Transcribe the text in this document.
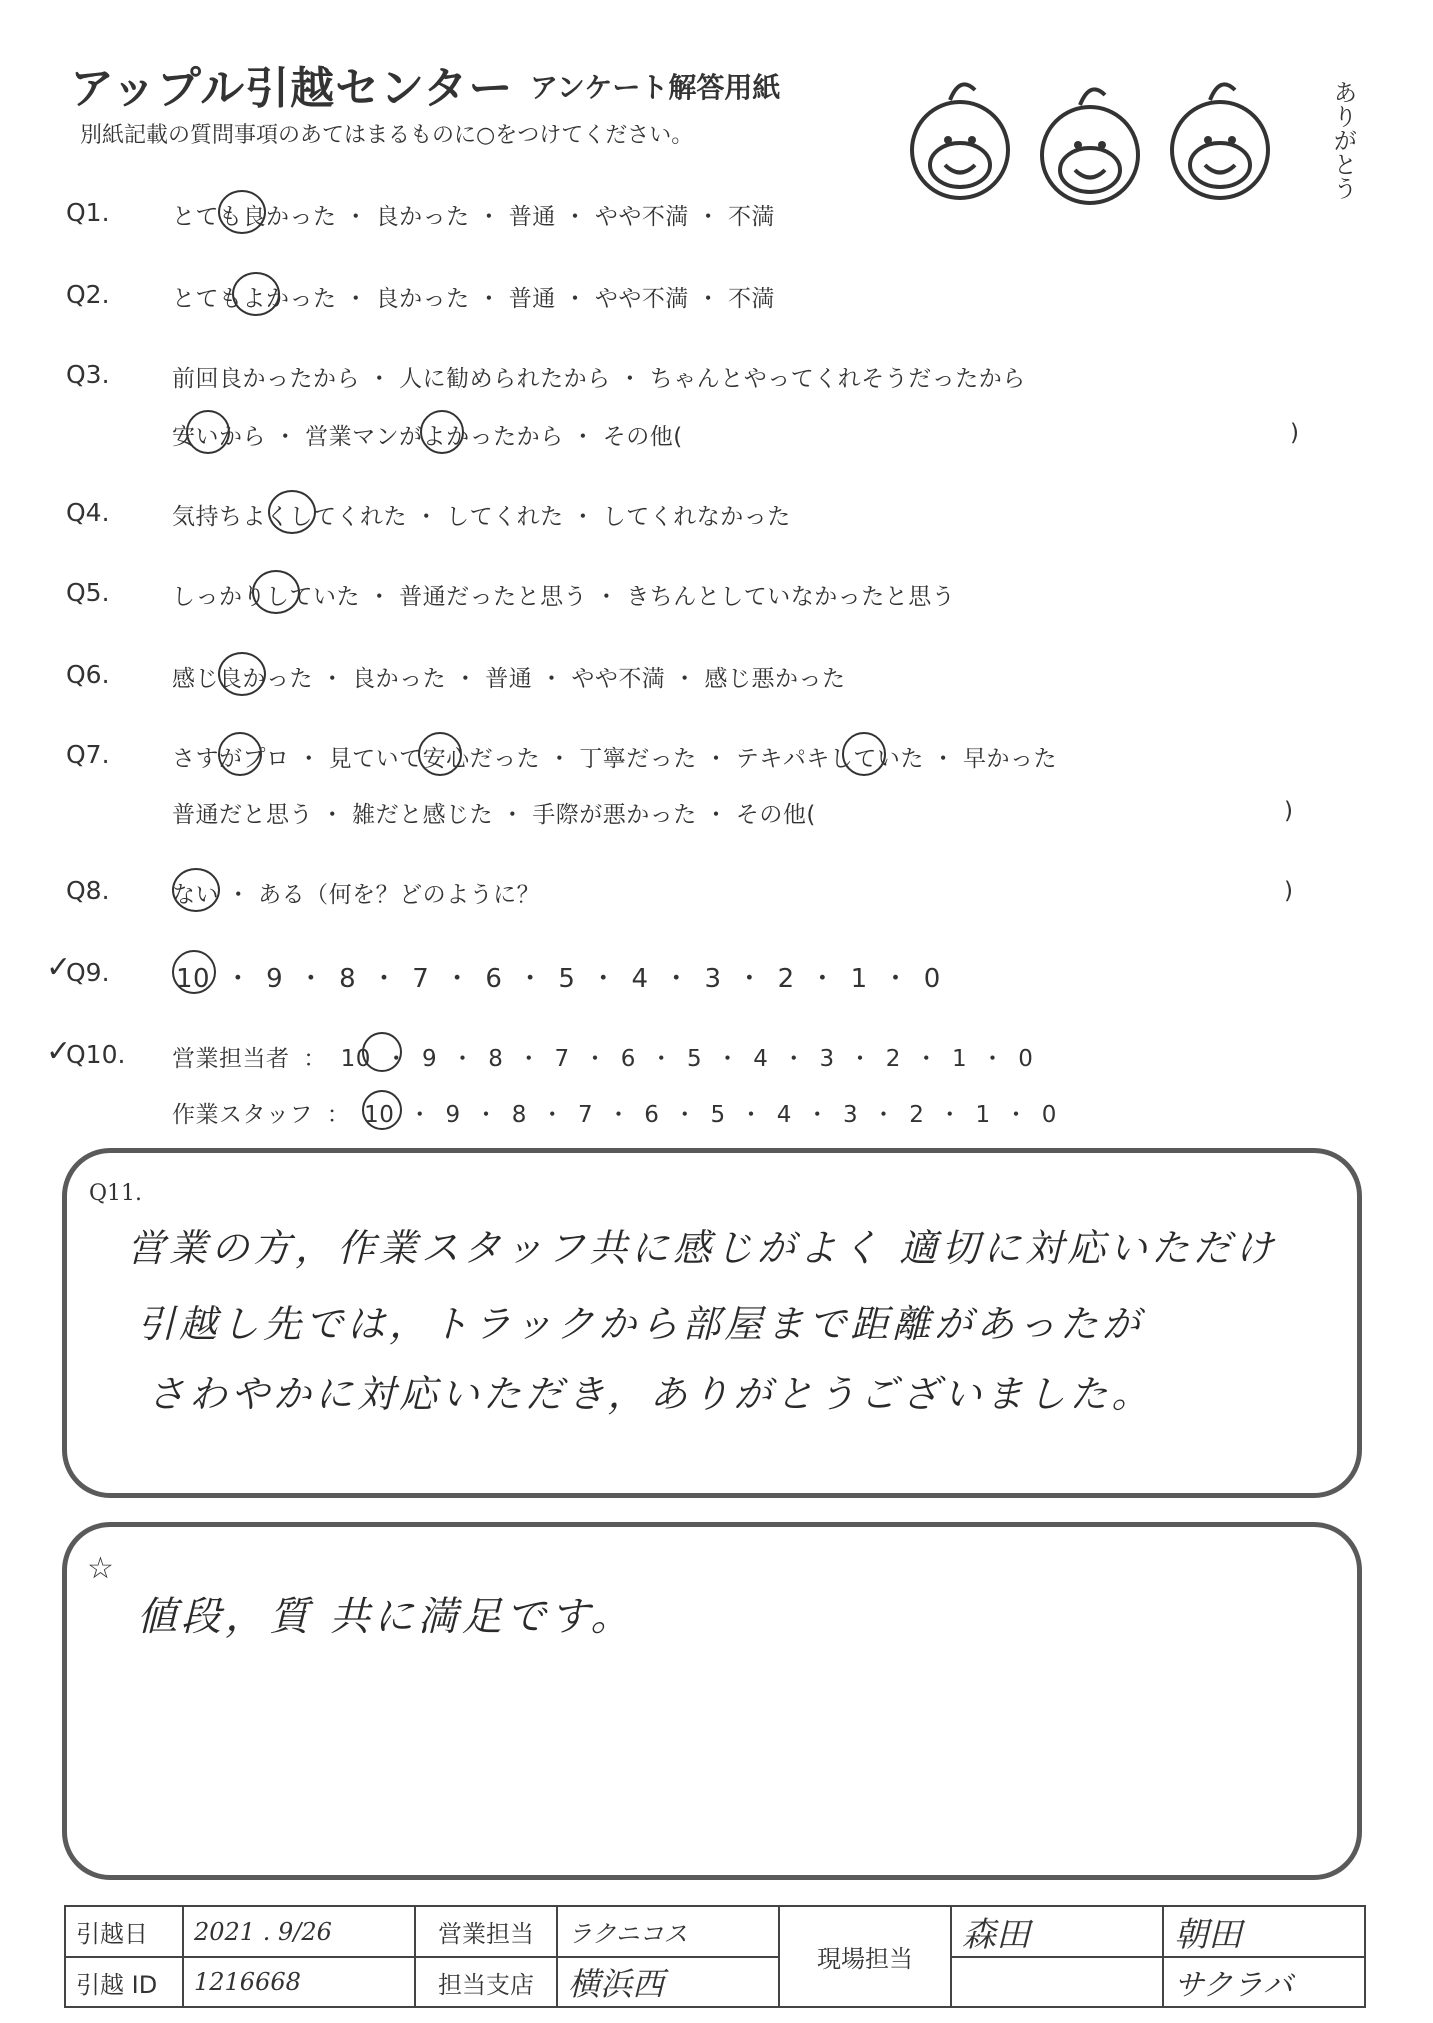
アップル引越センター アンケート解答用紙
別紙記載の質問事項のあてはまるものに○をつけてください。	ありがとう
Q1.	とても良かった ・ 良かった ・ 普通 ・ やや不満 ・ 不満
Q2.	とてもよかった ・ 良かった ・ 普通 ・ やや不満 ・ 不満
Q3.	前回良かったから ・ 人に勧められたから ・ ちゃんとやってくれそうだったから
安いから ・ 営業マンがよかったから ・ その他(	)
Q4.	気持ちよくしてくれた ・ してくれた ・ してくれなかった
Q5.	しっかりしていた ・ 普通だったと思う ・ きちんとしていなかったと思う
Q6.	感じ良かった ・ 良かった ・ 普通 ・ やや不満 ・ 感じ悪かった
Q7.	さすがプロ ・ 見ていて安心だった ・ 丁寧だった ・ テキパキしていた ・ 早かった
普通だと思う ・ 雑だと感じた ・ 手際が悪かった ・ その他(	)
Q8.	ない ・ ある（何を？どのように？	)
Q9.	10 ・ 9 ・ 8 ・ 7 ・ 6 ・ 5 ・ 4 ・ 3 ・ 2 ・ 1 ・ 0
Q10. 営業担当者 ： 10 ・ 9 ・ 8 ・ 7 ・ 6 ・ 5 ・ 4 ・ 3 ・ 2 ・ 1 ・ 0
作業スタッフ ： 10 ・ 9 ・ 8 ・ 7 ・ 6 ・ 5 ・ 4 ・ 3 ・ 2 ・ 1 ・ 0
✓
✓
Q11.
営業の方，作業スタッフ共に感じがよく 適切に対応いただけ
引越し先では，トラックから部屋まで距離があったが
さわやかに対応いただき，ありがとうございました。
☆
値段，質 共に満足です。
引越日	2021 . 9/26	営業担当	ラクニコス	現場担当	森田	朝田
引越 ID	1216668	担当支店	横浜西			サクラバ
